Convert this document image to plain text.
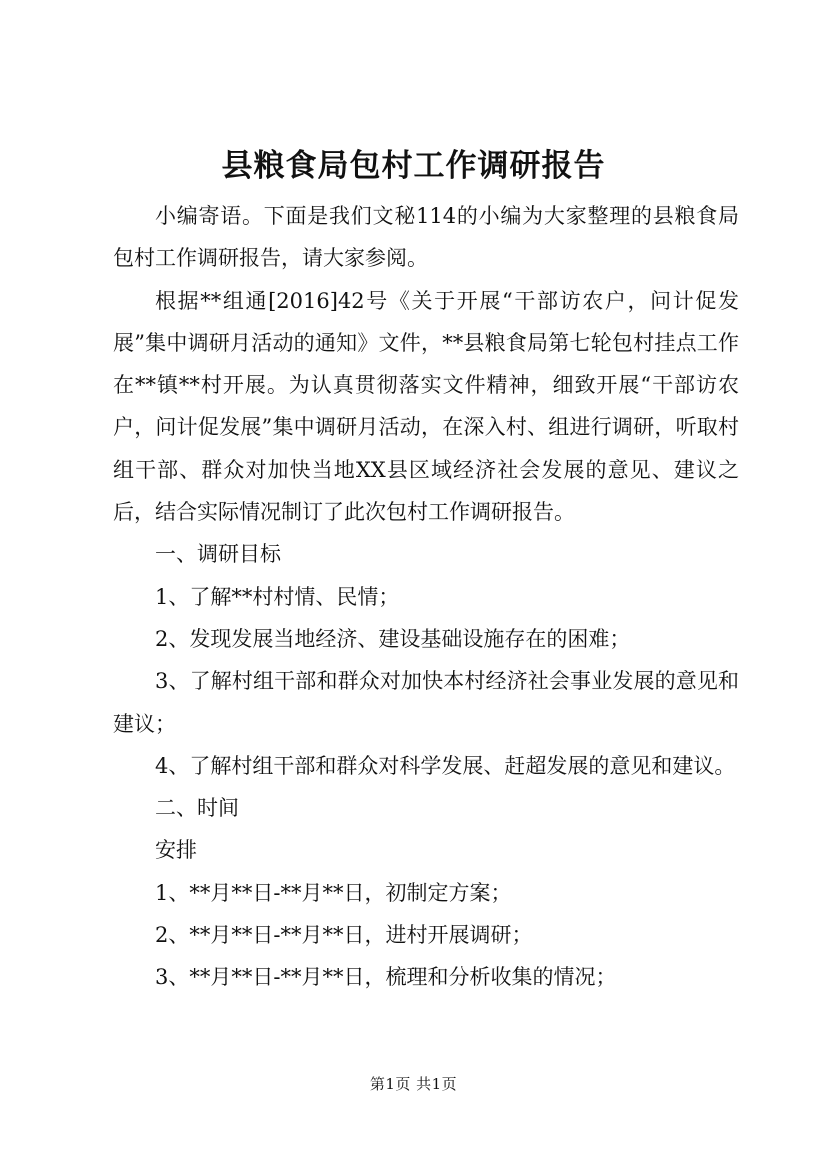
县粮食局包村工作调研报告

小编寄语。下面是我们文秘114的小编为大家整理的县粮食局包村工作调研报告，请大家参阅。

根据**组通[2016]42号《关于开展“干部访农户，问计促发展”集中调研月活动的通知》文件，**县粮食局第七轮包村挂点工作在**镇**村开展。为认真贯彻落实文件精神，细致开展“干部访农户，问计促发展”集中调研月活动，在深入村、组进行调研，听取村组干部、群众对加快当地XX县区域经济社会发展的意见、建议之后，结合实际情况制订了此次包村工作调研报告。

一、调研目标

1、了解**村村情、民情；

2、发现发展当地经济、建设基础设施存在的困难；

3、了解村组干部和群众对加快本村经济社会事业发展的意见和建议；

4、了解村组干部和群众对科学发展、赶超发展的意见和建议。

二、时间

安排

1、**月**日-**月**日，初制定方案；

2、**月**日-**月**日，进村开展调研；

3、**月**日-**月**日，梳理和分析收集的情况；

第1页 共1页
